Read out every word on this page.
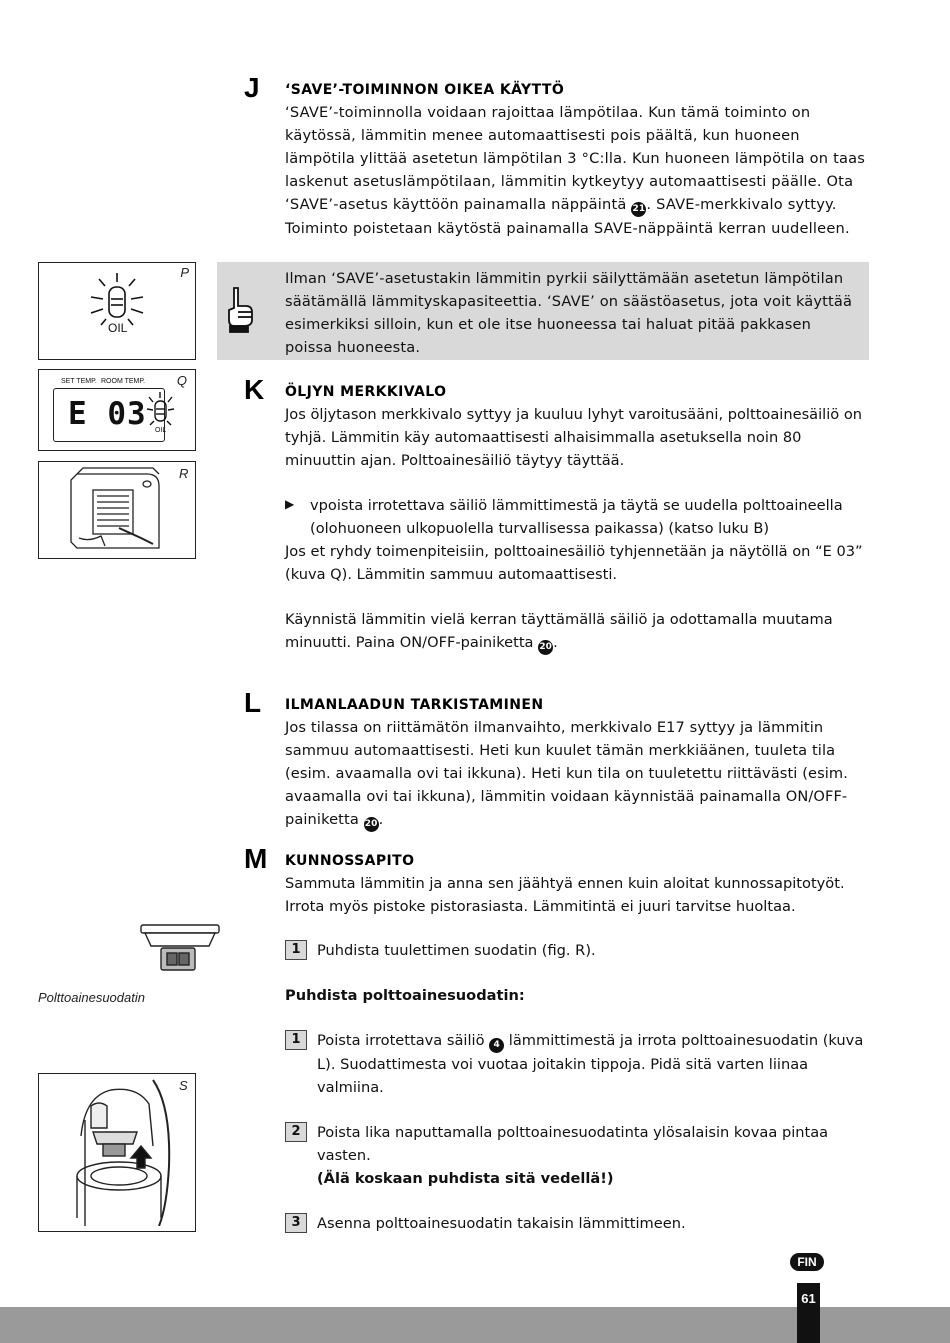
P
OIL
Q
SET TEMP. ROOM TEMP.
E 03 OIL
R
Polttoainesuodatin
S

Ilman ‘SAVE’-asetustakin lämmitin pyrkii säilyttämään asetetun lämpötilan säätämällä lämmityskapasiteettia. ‘SAVE’ on säästöasetus, jota voit käyttää esimerkiksi silloin, kun et ole itse huoneessa tai haluat pitää pakkasen poissa huoneesta.

J ‘SAVE’-TOIMINNON OIKEA KÄYTTÖ

‘SAVE’-toiminnolla voidaan rajoittaa lämpötilaa. Kun tämä toiminto on käytössä, lämmitin menee automaattisesti pois päältä, kun huoneen lämpötila ylittää asetetun lämpötilan 3 °C:lla. Kun huoneen lämpötila on taas laskenut asetuslämpötilaan, lämmitin kytkeytyy automaattisesti päälle. Ota ‘SAVE’-asetus käyttöön painamalla näppäintä 21. SAVE-merkkivalo syttyy. Toiminto poistetaan käytöstä painamalla SAVE-näppäintä kerran uudelleen.

K ÖLJYN MERKKIVALO

Jos öljytason merkkivalo syttyy ja kuuluu lyhyt varoitusääni, polttoainesäiliö on tyhjä. Lämmitin käy automaattisesti alhaisimmalla asetuksella noin 80 minuuttin ajan. Polttoainesäiliö täytyy täyttää.

▶ vpoista irrotettava säiliö lämmittimestä ja täytä se uudella polttoaineella (olohuoneen ulkopuolella turvallisessa paikassa) (katso luku B)

Jos et ryhdy toimenpiteisiin, polttoainesäiliö tyhjennetään ja näytöllä on “E 03” (kuva Q). Lämmitin sammuu automaattisesti.

Käynnistä lämmitin vielä kerran täyttämällä säiliö ja odottamalla muutama minuutti. Paina ON/OFF-painiketta 20.

L ILMANLAADUN TARKISTAMINEN

Jos tilassa on riittämätön ilmanvaihto, merkkivalo E17 syttyy ja lämmitin sammuu automaattisesti. Heti kun kuulet tämän merkkiäänen, tuuleta tila (esim. avaamalla ovi tai ikkuna). Heti kun tila on tuuletettu riittävästi (esim. avaamalla ovi tai ikkuna), lämmitin voidaan käynnistää painamalla ON/OFF-painiketta 20.

M KUNNOSSAPITO

Sammuta lämmitin ja anna sen jäähtyä ennen kuin aloitat kunnossapitotyöt. Irrota myös pistoke pistorasiasta. Lämmitintä ei juuri tarvitse huoltaa.

1	Puhdista tuulettimen suodatin (fig. R).

Puhdista polttoainesuodatin:

1	Poista irrotettava säiliö 4 lämmittimestä ja irrota polttoainesuodatin (kuva L). Suodattimesta voi vuotaa joitakin tippoja. Pidä sitä varten liinaa valmiina.

2	Poista lika naputtamalla polttoainesuodatinta ylösalaisin kovaa pintaa vasten.

(Älä koskaan puhdista sitä vedellä!)

3	Asenna polttoainesuodatin takaisin lämmittimeen.

FIN
61
